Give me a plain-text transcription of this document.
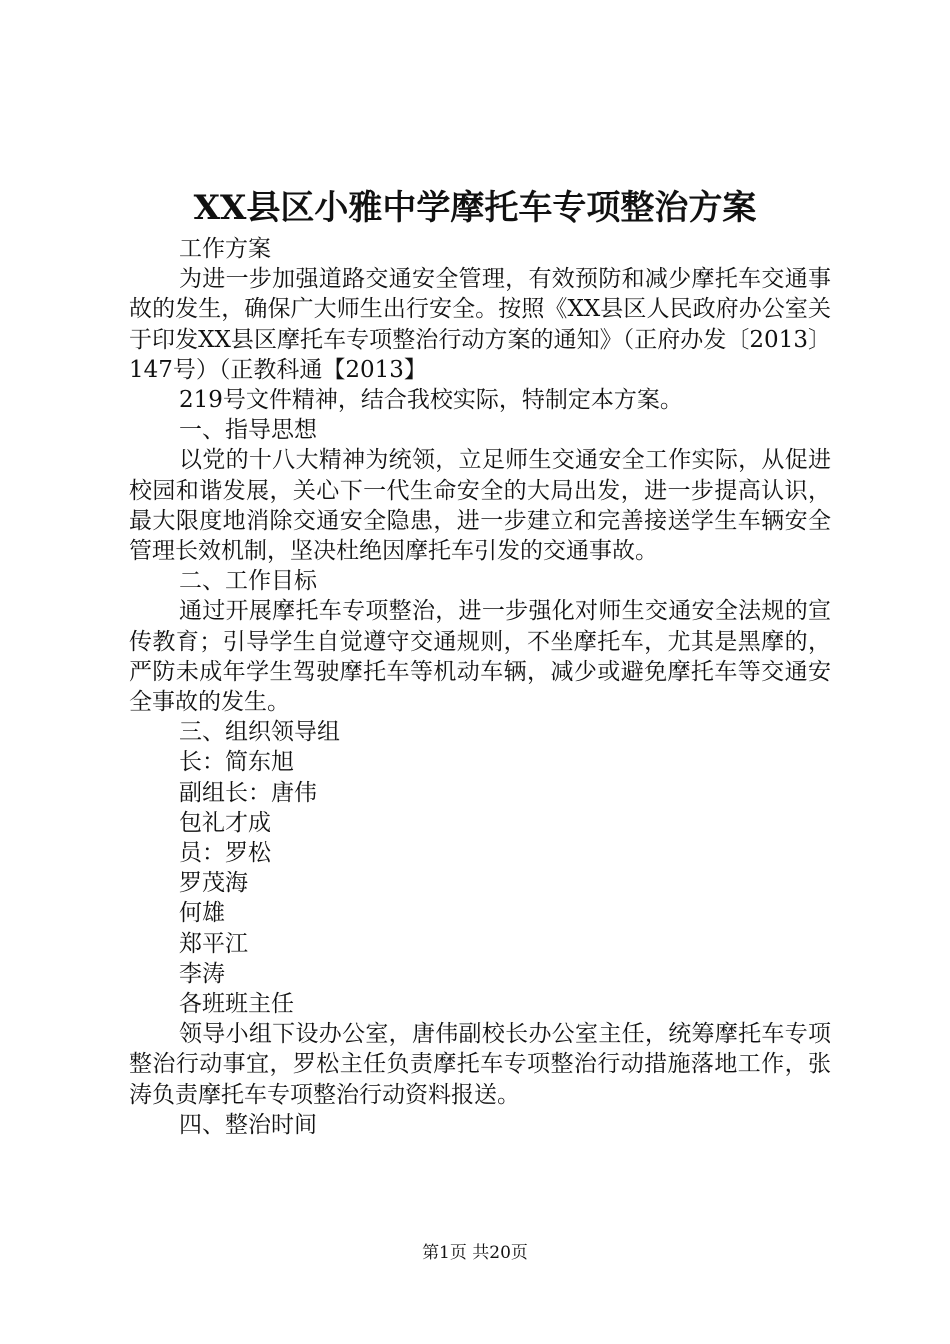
XX县区小雅中学摩托车专项整治方案

工作方案

为进一步加强道路交通安全管理，有效预防和减少摩托车交通事故的发生，确保广大师生出行安全。按照《XX县区人民政府办公室关于印发XX县区摩托车专项整治行动方案的通知》（正府办发〔2013〕147号）（正教科通【2013】

219号文件精神，结合我校实际，特制定本方案。

一、指导思想

以党的十八大精神为统领，立足师生交通安全工作实际，从促进校园和谐发展，关心下一代生命安全的大局出发，进一步提高认识，最大限度地消除交通安全隐患，进一步建立和完善接送学生车辆安全管理长效机制，坚决杜绝因摩托车引发的交通事故。

二、工作目标

通过开展摩托车专项整治，进一步强化对师生交通安全法规的宣传教育；引导学生自觉遵守交通规则，不坐摩托车，尤其是黑摩的，严防未成年学生驾驶摩托车等机动车辆，减少或避免摩托车等交通安全事故的发生。

三、组织领导组

长：简东旭

副组长：唐伟

包礼才成

员：罗松

罗茂海

何雄

郑平江

李涛

各班班主任

领导小组下设办公室，唐伟副校长办公室主任，统筹摩托车专项整治行动事宜，罗松主任负责摩托车专项整治行动措施落地工作，张涛负责摩托车专项整治行动资料报送。

四、整治时间

第1页 共20页
